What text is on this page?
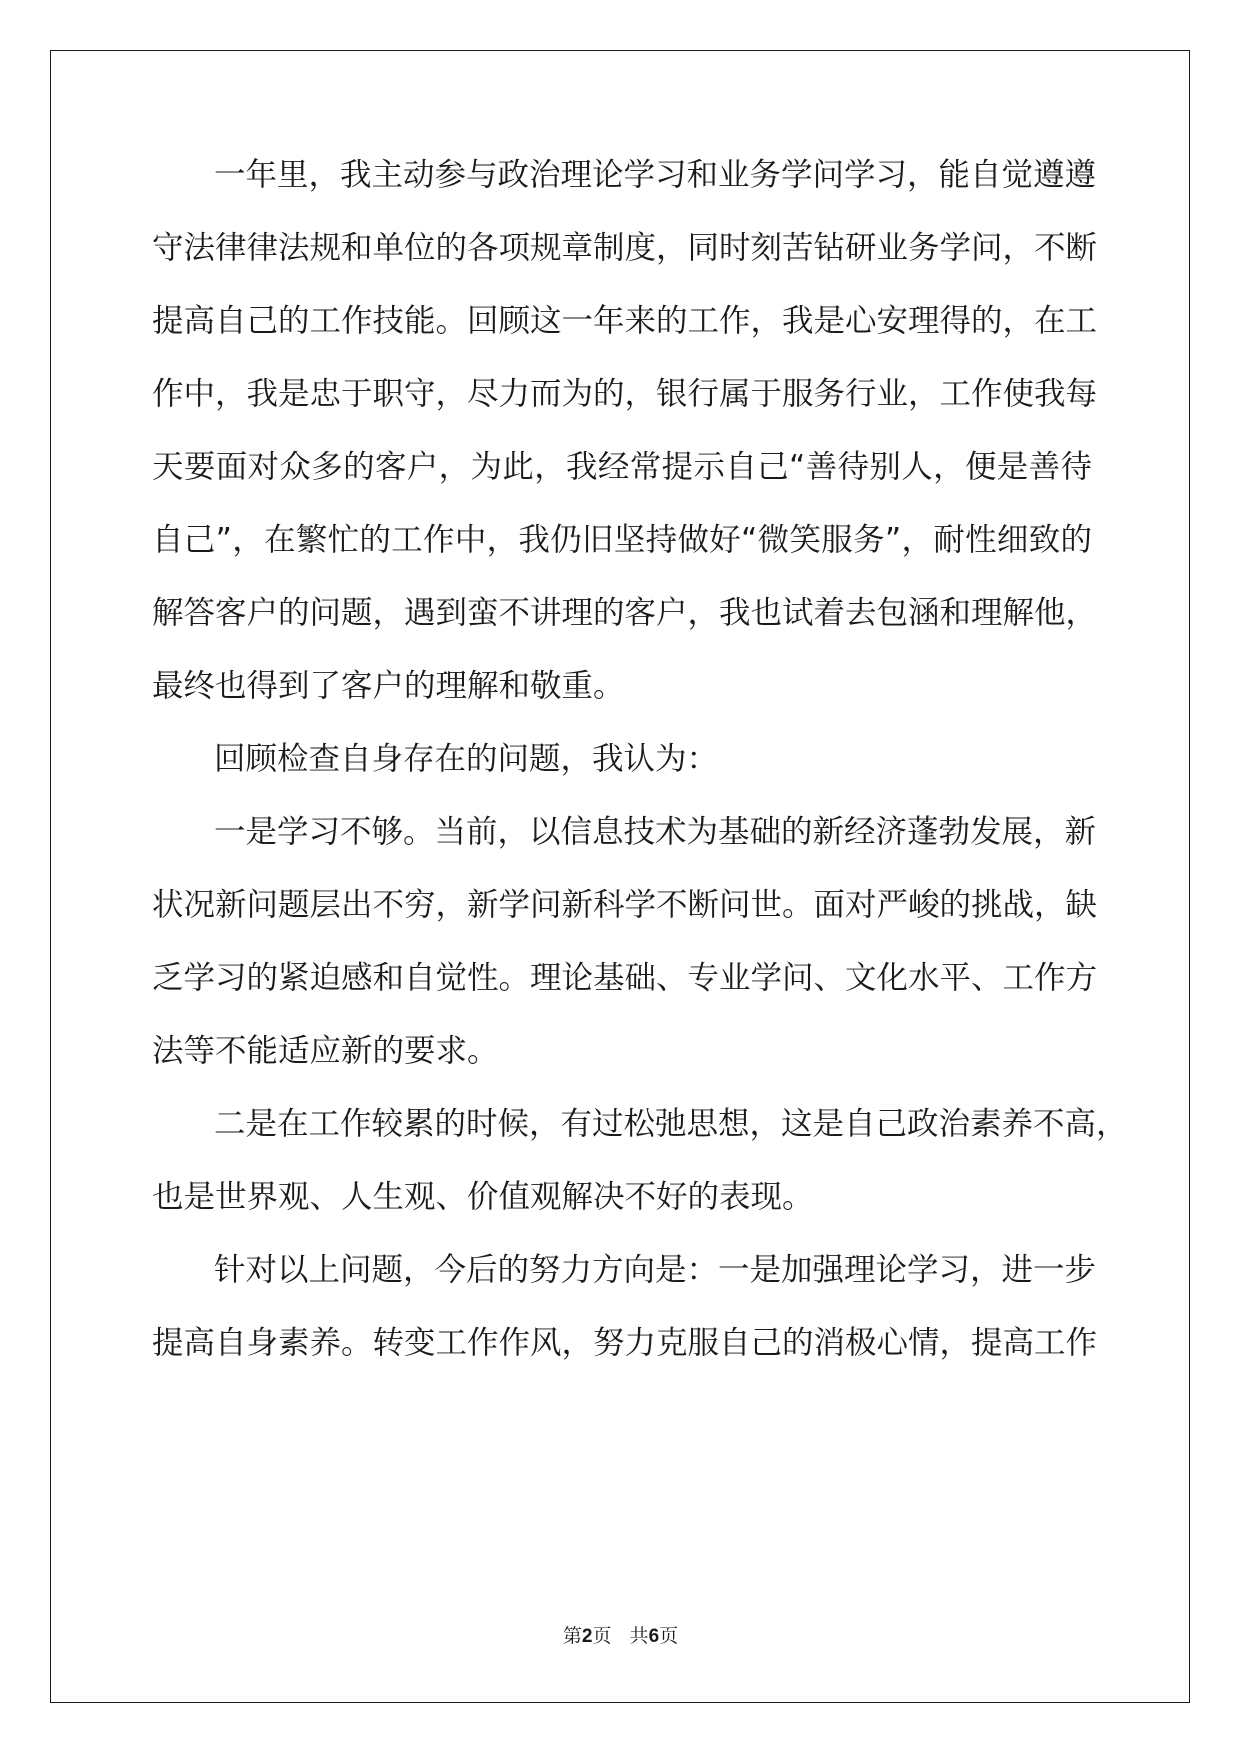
一年里，我主动参与政治理论学习和业务学问学习，能自觉遵遵
守法律律法规和单位的各项规章制度，同时刻苦钻研业务学问，不断
提高自己的工作技能。回顾这一年来的工作，我是心安理得的，在工
作中，我是忠于职守，尽力而为的，银行属于服务行业，工作使我每
天要面对众多的客户，为此，我经常提示自己“善待别人，便是善待
自己”，在繁忙的工作中，我仍旧坚持做好“微笑服务”，耐性细致的
解答客户的问题，遇到蛮不讲理的客户，我也试着去包涵和理解他，
最终也得到了客户的理解和敬重。
回顾检查自身存在的问题，我认为：
一是学习不够。当前，以信息技术为基础的新经济蓬勃发展，新
状况新问题层出不穷，新学问新科学不断问世。面对严峻的挑战，缺
乏学习的紧迫感和自觉性。理论基础、专业学问、文化水平、工作方
法等不能适应新的要求。
二是在工作较累的时候，有过松弛思想，这是自己政治素养不高，
也是世界观、人生观、价值观解决不好的表现。
针对以上问题，今后的努力方向是：一是加强理论学习，进一步
提高自身素养。转变工作作风，努力克服自己的消极心情，提高工作
第2页   共6页
